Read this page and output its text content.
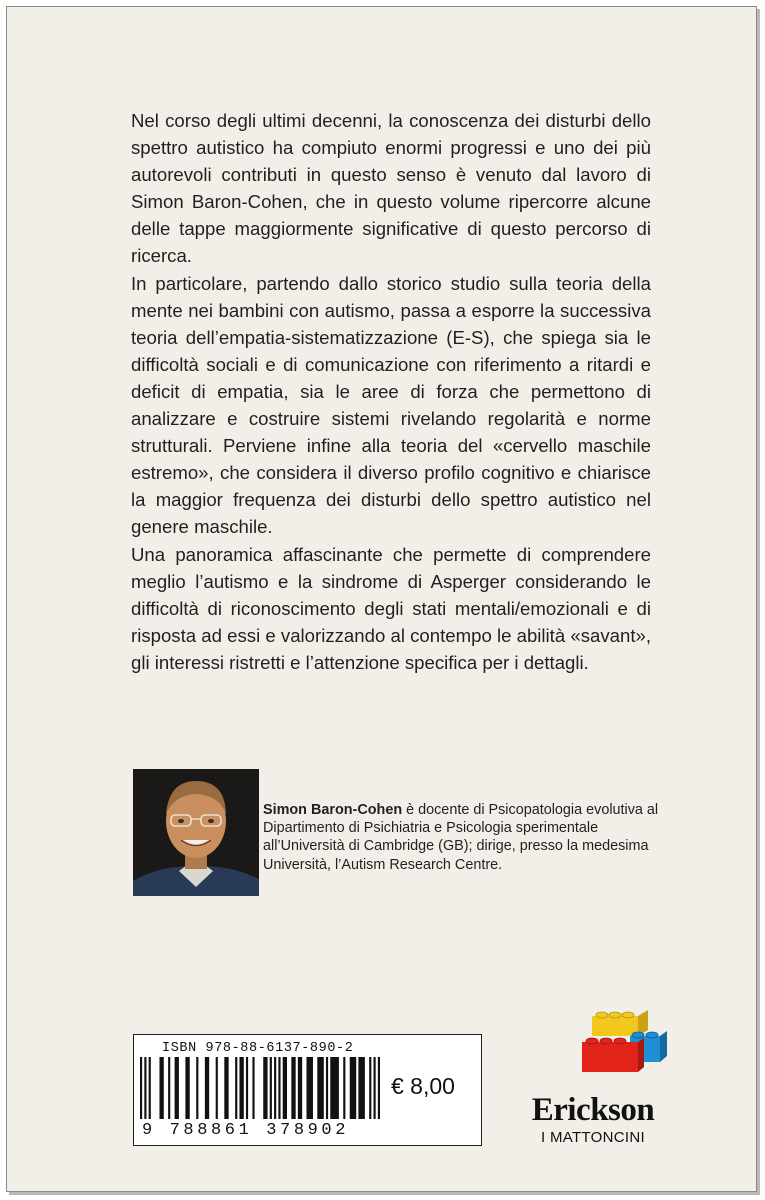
Nel corso degli ultimi decenni, la conoscenza dei disturbi dello spettro autistico ha compiuto enormi progressi e uno dei più autorevoli contributi in questo senso è venuto dal lavoro di Simon Baron-Cohen, che in questo volume ripercorre alcune delle tappe maggiormente significative di questo percorso di ricerca.

In particolare, partendo dallo storico studio sulla teoria della mente nei bambini con autismo, passa a esporre la successiva teoria dell’empatia-sistematizzazione (E-S), che spiega sia le difficoltà sociali e di comunicazione con riferimento a ritardi e deficit di empatia, sia le aree di forza che permettono di analizzare e costruire sistemi rivelando regolarità e norme strutturali. Perviene infine alla teoria del «cervello maschile estremo», che considera il diverso profilo cognitivo e chiarisce la maggior frequenza dei disturbi dello spettro autistico nel genere maschile.

Una panoramica affascinante che permette di comprendere meglio l’autismo e la sindrome di Asperger considerando le difficoltà di riconoscimento degli stati mentali/emozionali e di risposta ad essi e valorizzando al contempo le abilità «savant», gli interessi ristretti e l’attenzione specifica per i dettagli.

Simon Baron-Cohen è docente di Psicopatologia evolutiva al Dipartimento di Psichiatria e Psicologia sperimentale all’Università di Cambridge (GB); dirige, presso la medesima Università, l’Autism Research Centre.
ISBN 978-88-6137-890-2
9 788861 378902
€ 8,00
Erickson
I MATTONCINI
